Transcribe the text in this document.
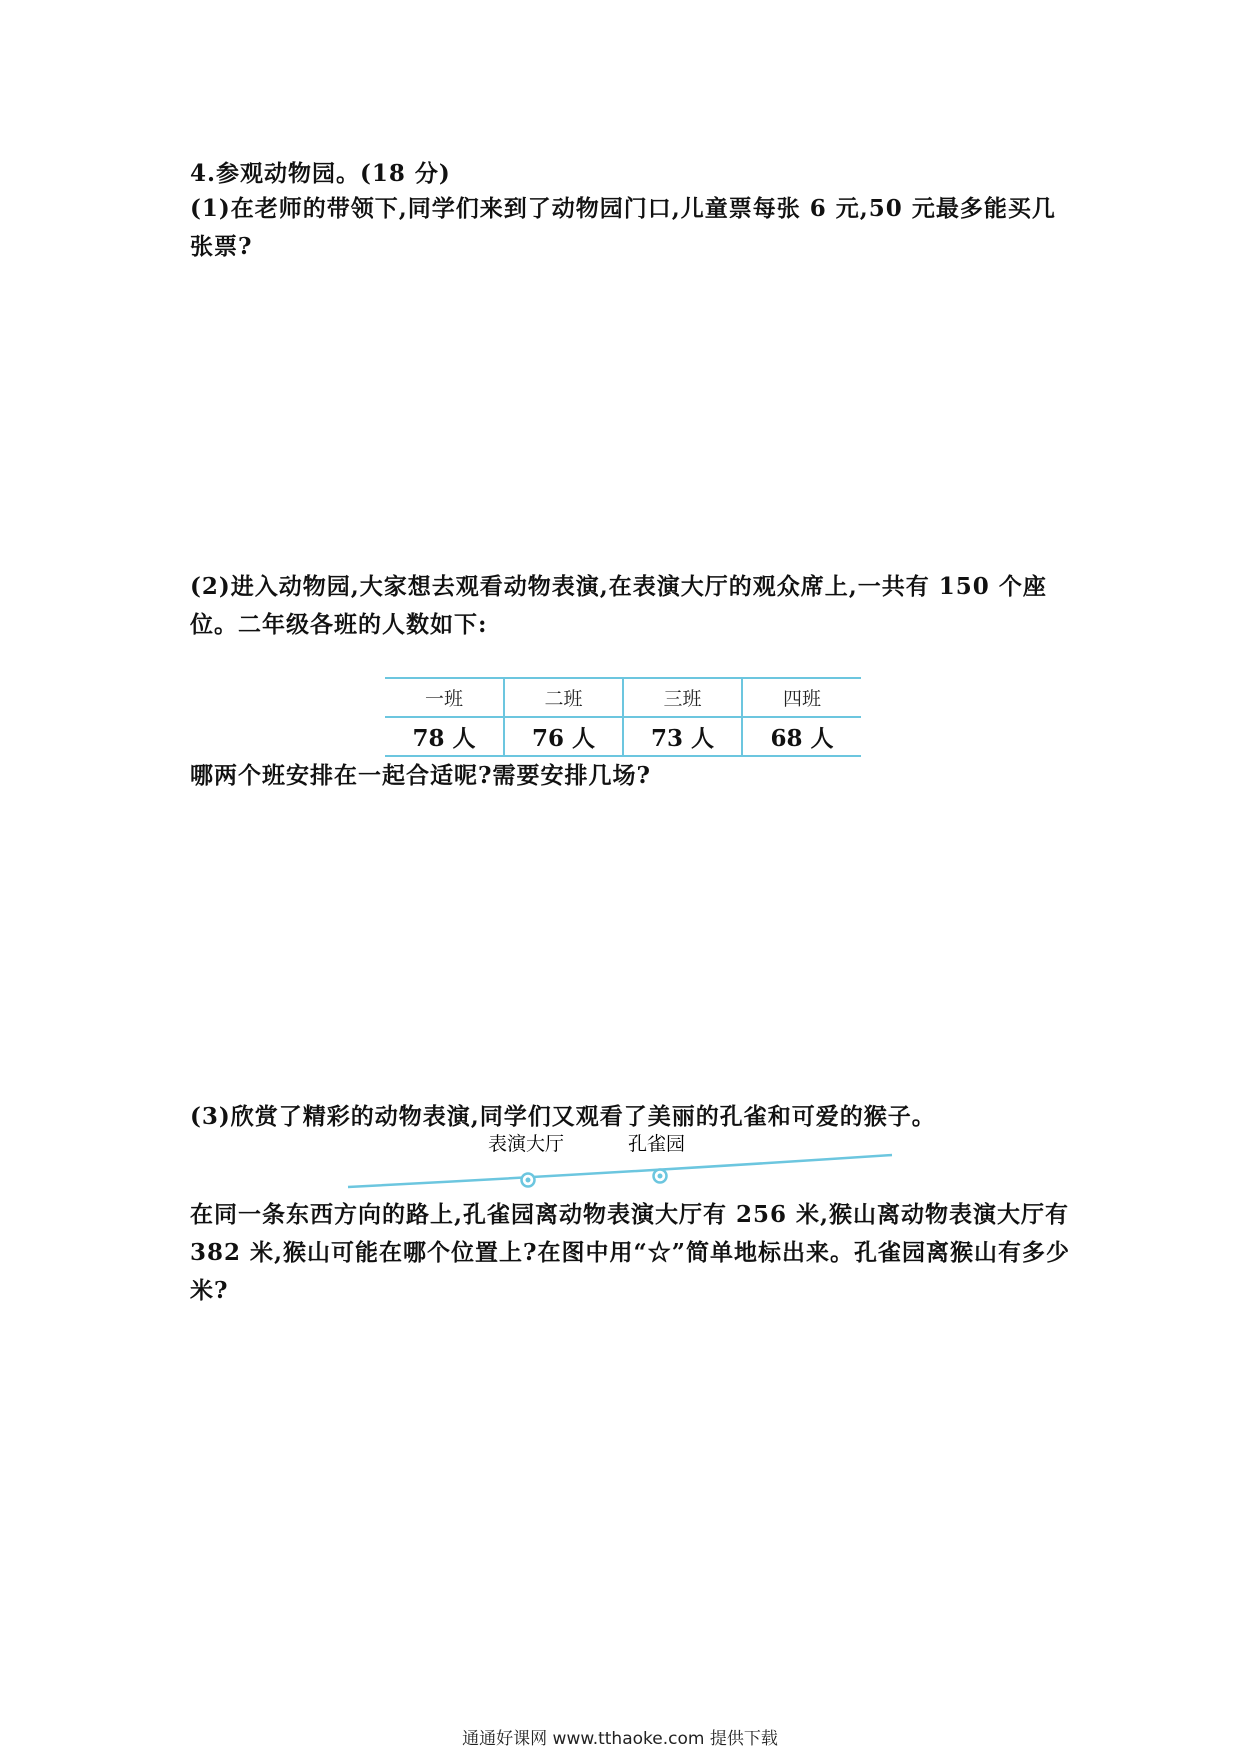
4.参观动物园。(18 分)
(1)在老师的带领下,同学们来到了动物园门口,儿童票每张 6 元,50 元最多能买几张票?
(2)进入动物园,大家想去观看动物表演,在表演大厅的观众席上,一共有 150 个座位。二年级各班的人数如下:
一班	二班	三班	四班
78 人	76 人	73 人	68 人
哪两个班安排在一起合适呢?需要安排几场?
(3)欣赏了精彩的动物表演,同学们又观看了美丽的孔雀和可爱的猴子。
表演大厅	孔雀园
在同一条东西方向的路上,孔雀园离动物表演大厅有 256 米,猴山离动物表演大厅有 382 米,猴山可能在哪个位置上?在图中用“☆”简单地标出来。孔雀园离猴山有多少米?
通通好课网 www.tthaoke.com 提供下载
